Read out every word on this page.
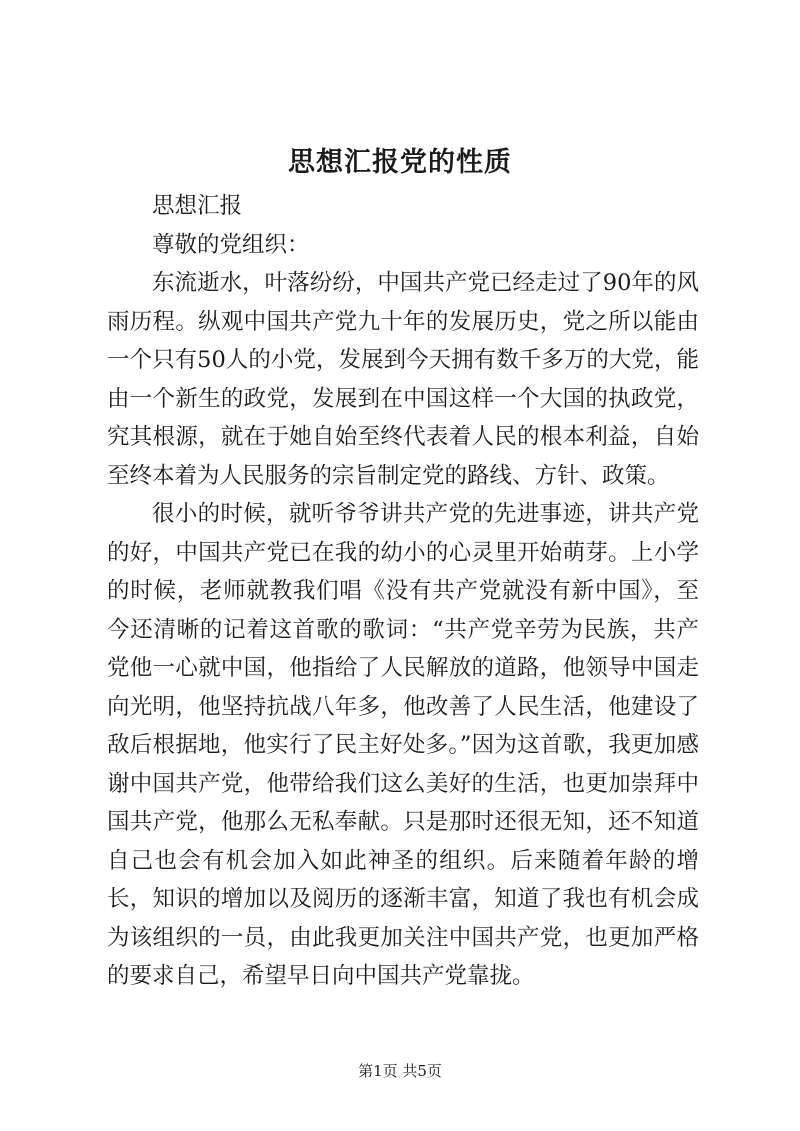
思想汇报党的性质

思想汇报

尊敬的党组织：

东流逝水，叶落纷纷，中国共产党已经走过了90年的风雨历程。纵观中国共产党九十年的发展历史，党之所以能由一个只有50人的小党，发展到今天拥有数千多万的大党，能由一个新生的政党，发展到在中国这样一个大国的执政党，究其根源，就在于她自始至终代表着人民的根本利益，自始至终本着为人民服务的宗旨制定党的路线、方针、政策。

很小的时候，就听爷爷讲共产党的先进事迹，讲共产党的好，中国共产党已在我的幼小的心灵里开始萌芽。上小学的时候，老师就教我们唱《没有共产党就没有新中国》，至今还清晰的记着这首歌的歌词：“共产党辛劳为民族，共产党他一心就中国，他指给了人民解放的道路，他领导中国走向光明，他坚持抗战八年多，他改善了人民生活，他建设了敌后根据地，他实行了民主好处多。”因为这首歌，我更加感谢中国共产党，他带给我们这么美好的生活，也更加崇拜中国共产党，他那么无私奉献。只是那时还很无知，还不知道自己也会有机会加入如此神圣的组织。后来随着年龄的增长，知识的增加以及阅历的逐渐丰富，知道了我也有机会成为该组织的一员，由此我更加关注中国共产党，也更加严格的要求自己，希望早日向中国共产党靠拢。

第1页 共5页
